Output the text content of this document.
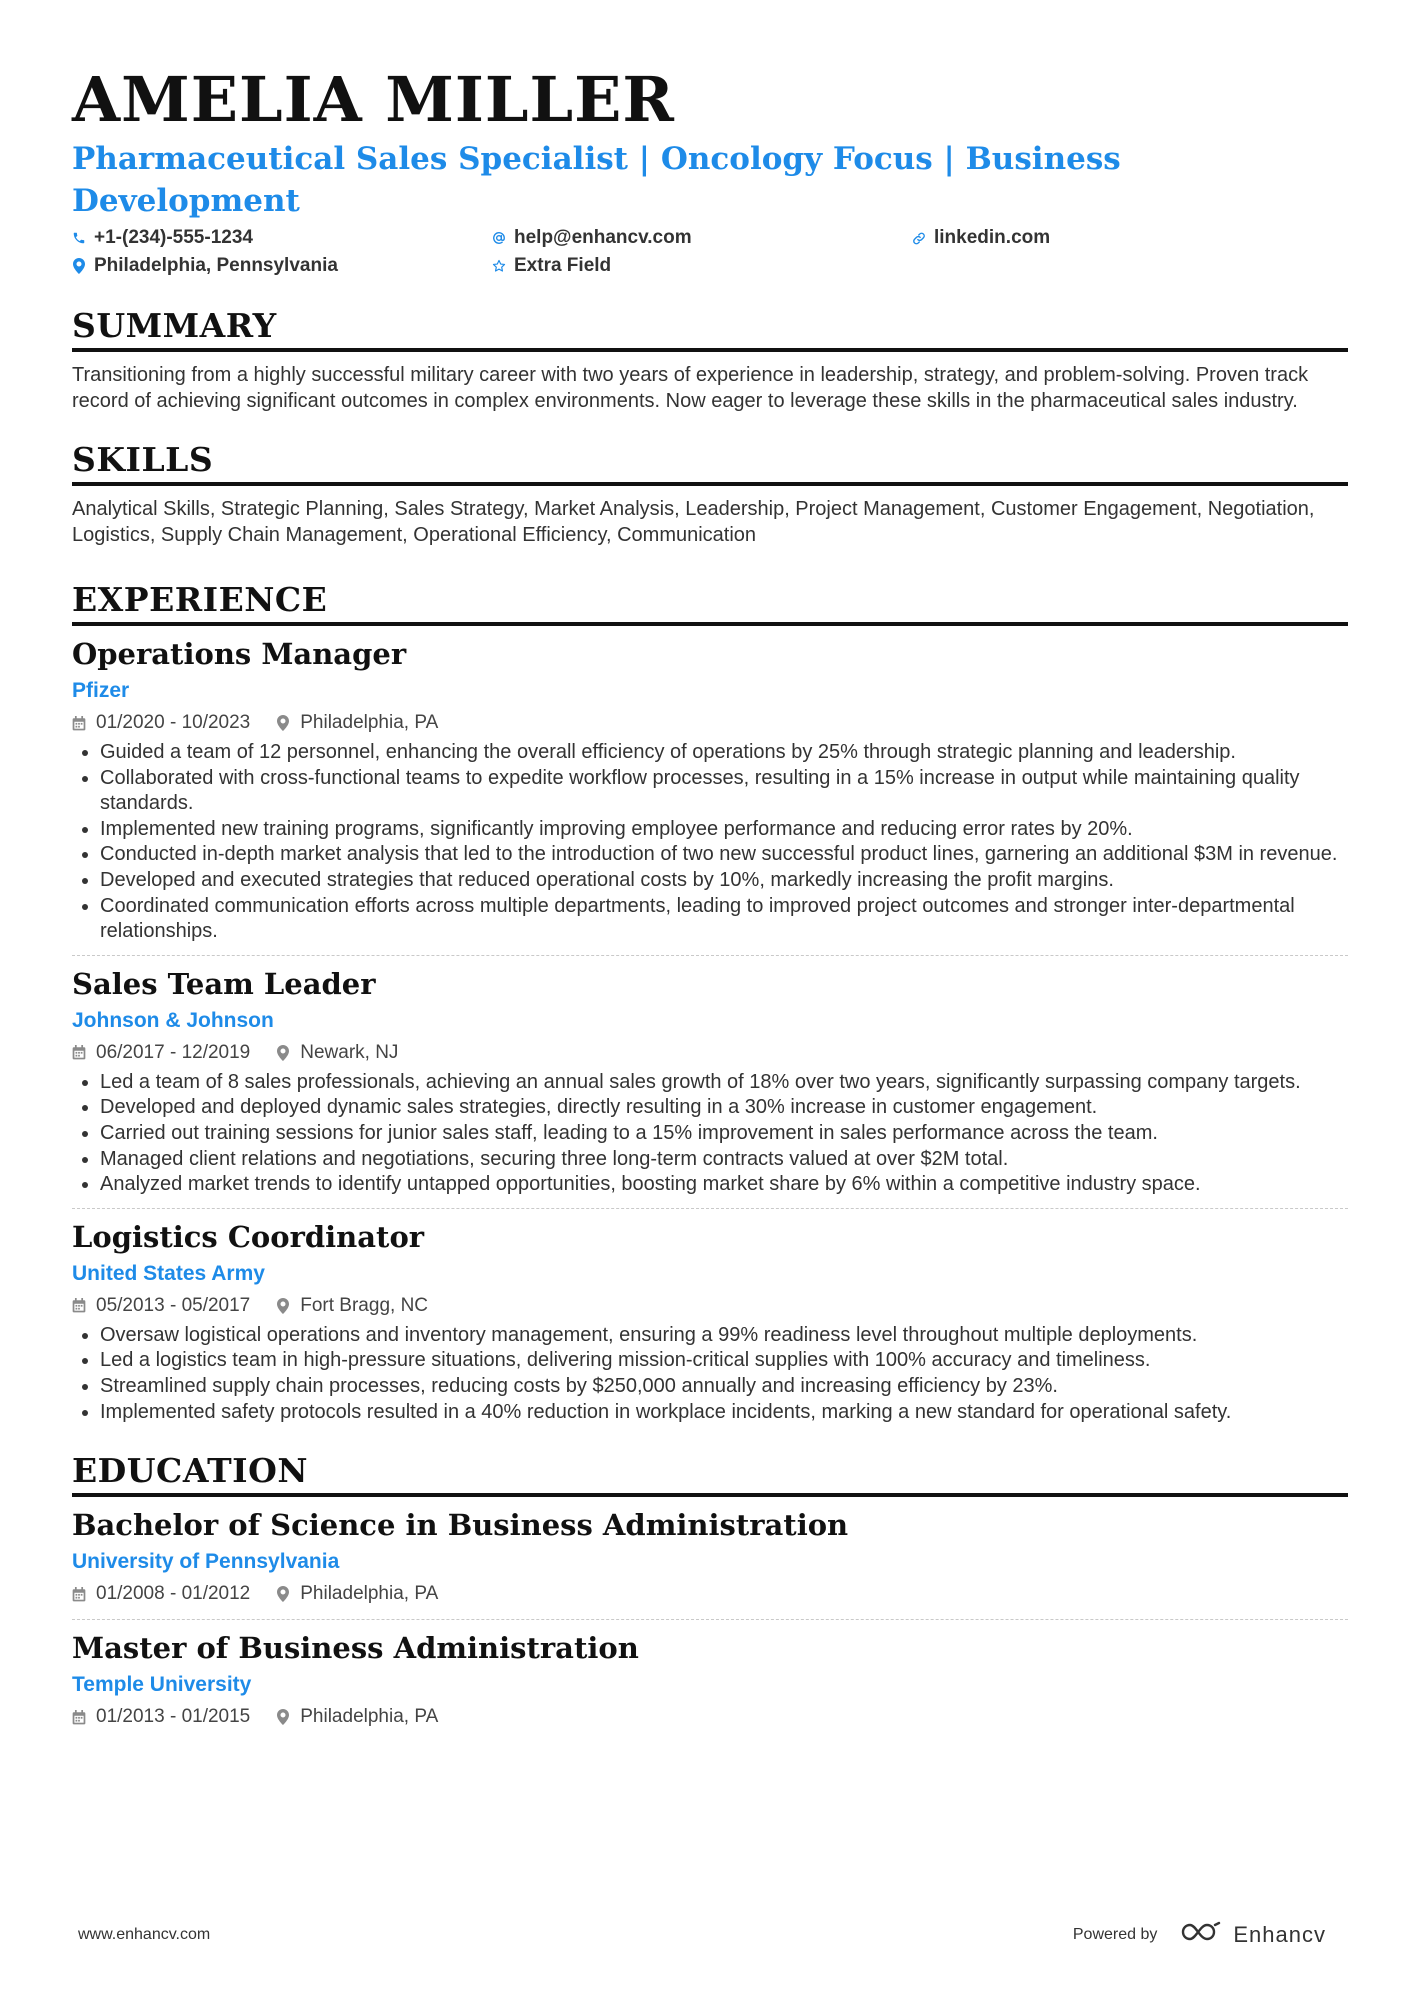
AMELIA MILLER
Pharmaceutical Sales Specialist | Oncology Focus | Business Development
+1-(234)-555-1234	help@enhancv.com	linkedin.com
Philadelphia, Pennsylvania	Extra Field
SUMMARY

Transitioning from a highly successful military career with two years of experience in leadership, strategy, and problem-solving. Proven track record of achieving significant outcomes in complex environments. Now eager to leverage these skills in the pharmaceutical sales industry.

SKILLS

Analytical Skills, Strategic Planning, Sales Strategy, Market Analysis, Leadership, Project Management, Customer Engagement, Negotiation, Logistics, Supply Chain Management, Operational Efficiency, Communication

EXPERIENCE
Operations Manager
Pfizer
01/2020 - 10/2023	Philadelphia, PA
• Guided a team of 12 personnel, enhancing the overall efficiency of operations by 25% through strategic planning and leadership.
• Collaborated with cross-functional teams to expedite workflow processes, resulting in a 15% increase in output while maintaining quality standards.
• Implemented new training programs, significantly improving employee performance and reducing error rates by 20%.
• Conducted in-depth market analysis that led to the introduction of two new successful product lines, garnering an additional $3M in revenue.
• Developed and executed strategies that reduced operational costs by 10%, markedly increasing the profit margins.
• Coordinated communication efforts across multiple departments, leading to improved project outcomes and stronger inter-departmental relationships.
Sales Team Leader
Johnson & Johnson
06/2017 - 12/2019	Newark, NJ
• Led a team of 8 sales professionals, achieving an annual sales growth of 18% over two years, significantly surpassing company targets.
• Developed and deployed dynamic sales strategies, directly resulting in a 30% increase in customer engagement.
• Carried out training sessions for junior sales staff, leading to a 15% improvement in sales performance across the team.
• Managed client relations and negotiations, securing three long-term contracts valued at over $2M total.
• Analyzed market trends to identify untapped opportunities, boosting market share by 6% within a competitive industry space.
Logistics Coordinator
United States Army
05/2013 - 05/2017	Fort Bragg, NC
• Oversaw logistical operations and inventory management, ensuring a 99% readiness level throughout multiple deployments.
• Led a logistics team in high-pressure situations, delivering mission-critical supplies with 100% accuracy and timeliness.
• Streamlined supply chain processes, reducing costs by $250,000 annually and increasing efficiency by 23%.
• Implemented safety protocols resulted in a 40% reduction in workplace incidents, marking a new standard for operational safety.
EDUCATION
Bachelor of Science in Business Administration
University of Pennsylvania
01/2008 - 01/2012	Philadelphia, PA
Master of Business Administration
Temple University
01/2013 - 01/2015	Philadelphia, PA
www.enhancv.com	Powered by	Enhancv
